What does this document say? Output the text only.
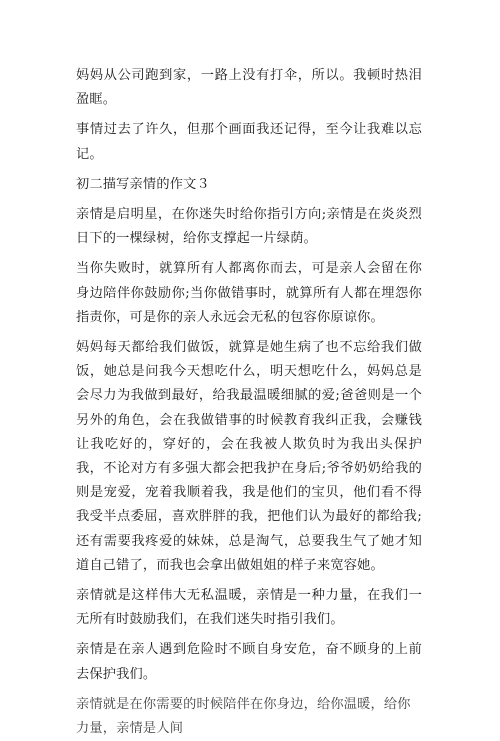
妈妈从公司跑到家，一路上没有打伞，所以。我顿时热泪盈眶。

事情过去了许久，但那个画面我还记得，至今让我难以忘记。

初二描写亲情的作文３

亲情是启明星，在你迷失时给你指引方向;亲情是在炎炎烈日下的一棵绿树，给你支撑起一片绿荫。

当你失败时，就算所有人都离你而去，可是亲人会留在你身边陪伴你鼓励你;当你做错事时，就算所有人都在埋怨你指责你，可是你的亲人永远会无私的包容你原谅你。

妈妈每天都给我们做饭，就算是她生病了也不忘给我们做饭，她总是问我今天想吃什么，明天想吃什么，妈妈总是会尽力为我做到最好，给我最温暖细腻的爱;爸爸则是一个另外的角色，会在我做错事的时候教育我纠正我，会赚钱让我吃好的，穿好的，会在我被人欺负时为我出头保护我，不论对方有多强大都会把我护在身后;爷爷奶奶给我的则是宠爱，宠着我顺着我，我是他们的宝贝，他们看不得我受半点委屈，喜欢胖胖的我，把他们认为最好的都给我;还有需要我疼爱的妹妹，总是淘气，总要我生气了她才知道自己错了，而我也会拿出做姐姐的样子来宽容她。

亲情就是这样伟大无私温暖，亲情是一种力量，在我们一无所有时鼓励我们，在我们迷失时指引我们。

亲情是在亲人遇到危险时不顾自身安危，奋不顾身的上前去保护我们。

亲情就是在你需要的时候陪伴在你身边，给你温暖，给你力量，亲情是人间
